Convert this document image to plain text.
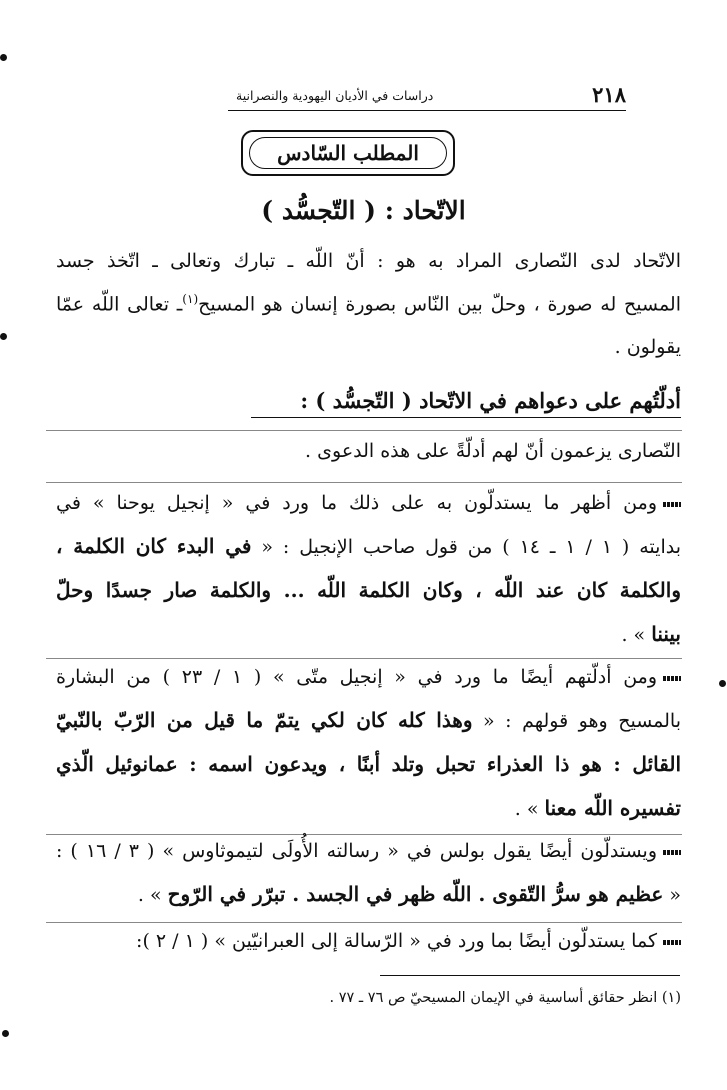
٢١٨
دراسات في الأديان اليهودية والنصرانية
المطلب السّادس
الاتّحاد : ( التّجسُّد )
الاتّحاد لدى النّصارى المراد به هو : أنّ اللّه ـ تبارك وتعالى ـ اتّخذ جسد
المسيح له صورة ، وحلّ بين النّاس بصورة إنسان هو المسيح$^{(١)}$ـ تعالى اللّه عمّا
يقولون .
أدلّتُهم على دعواهم في الاتّحاد ( التّجسُّد ) :
النّصارى يزعمون أنّ لهم أدلّةً على هذه الدعوى .
ومن أظهر ما يستدلّون به على ذلك ما ورد في « إنجيل يوحنا » في
بدايته ( ١ / ١ ـ ١٤ ) من قول صاحب الإنجيل : « في البدء كان الكلمة ،
والكلمة كان عند اللّه ، وكان الكلمة اللّه ... والكلمة صار جسدًا وحلّ
بيننا » .
ومن أدلّتهم أيضًا ما ورد في « إنجيل متّى » ( ١ / ٢٣ ) من البشارة
بالمسيح وهو قولهم : « وهذا كله كان لكي يتمّ ما قيل من الرّبّ بالنّبيّ
القائل : هو ذا العذراء تحبل وتلد أبنًا ، ويدعون اسمه : عمانوئيل الّذي
تفسيره اللّه معنا » .
ويستدلّون أيضًا يقول بولس في « رسالته الأُولَى لتيموثاوس » ( ٣ / ١٦ ) :
« عظيم هو سرُّ التّقوى . اللّه ظهر في الجسد . تبرّر في الرّوح » .
كما يستدلّون أيضًا بما ورد في « الرّسالة إلى العبرانيّين » ( ١ / ٢ ):
(١) انظر حقائق أساسية في الإيمان المسيحيّ ص ٧٦ ـ ٧٧ .
